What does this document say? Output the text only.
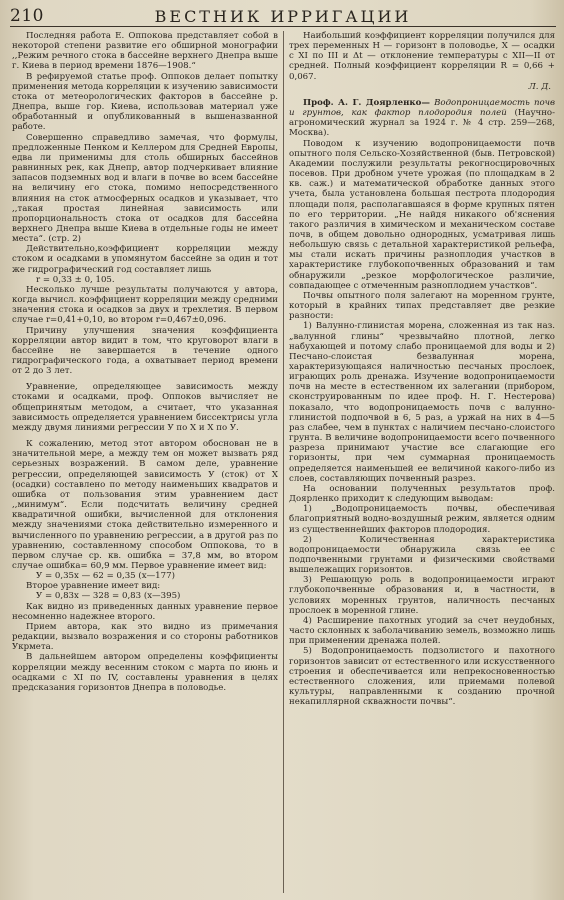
210	ВЕСТНИК ИРРИГАЦИИ

Последняя работа Е. Оппокова представляет собой в некоторой степени развитие его обширной монографии ,,Режим речного стока в бассейне верхнего Днепра выше г. Киева в период времени 1876—1908.“

В рефируемой статье проф. Оппоков делает попытку применения метода корреляции к изучению зависимости стока от метеорологических факторов в бассейне р. Днепра, выше гор. Киева, использовав материал уже обработанный и опубликованный в вышеназванной работе.

Совершенно справедливо замечая, что формулы, предложенные Пенком и Келлером для Средней Европы, едва ли применимы для столь обширных бассейнов равнинных рек, как Днепр, автор подчеркивает влияние запасов подземных вод и влаги в почве во всем бассейне на величину его стока, помимо непосредственного влияния на сток атмосферных осадков и указывает, что ,,такая простая линейная зависимость или пропорциональность стока от осадков для бассейна верхнего Днепра выше Киева в отдельные годы не имеет места“. (стр. 2)

Действительно,коэффициент корреляции между стоком и осадками в упомянутом бассейне за один и тот же гидрографический год составляет лишь

r = 0,33 ± 0, 105.

Несколько лучше результаты получаются у автора, когда вычисл. коэффициент корреляции между средними значения стока и осадков за двух и трехлетия. В первом случае r=0,41+0,10, во втором r=0,467±0,096.

Причину улучшения значения коэффициента корреляции автор видит в том, что круговорот влаги в бассейне не завершается в течение одного гидрографического года, а охватывает период времени от 2 до 3 лет.

Уравнение, определяющее зависимость между стоками и осадками, проф. Оппоков вычисляет не общепринятым методом, а считает, что указанная зависимость определяется уравнением биссектрисы угла между двумя линиями регрессии У по X и X по У.

К сожалению, метод этот автором обоснован не в значительной мере, а между тем он может вызвать ряд серьезных возражений. В самом деле, уравнение регрессии, определяющей зависимость У (сток) от X (осадки) составлено по методу наименьших квадратов и ошибка от пользования этим уравнением даст ,,минимум“. Если подсчитать величину средней квадратичной ошибки, вычисленной для отклонения между значениями стока действительно измеренного и вычисленного по уравнению регрессии, а в другой раз по уравнению, составленному способом Оппокова, то в первом случае ср. кв. ошибка = 37,8 мм, во втором случае ошибка= 60,9 мм. Первое уравнение имеет вид:

У = 0,35x — 62 = 0,35 (x—177)

Второе уравнение имеет вид:

У = 0,83x — 328 = 0,83 (x—395)

Как видно из приведенных данных уравнение первое несомненно надежнее второго.

Прием автора, как это видно из примечания редакции, вызвало возражения и со стороны работников Укрмета.

В дальнейшем автором определены коэффициенты корреляции между весенним стоком с марта по июнь и осадками с XI по IV, составлены уравнения в целях предсказания горизонтов Днепра в половодье.

Наибольший коэффициент корреляции получился для трех переменных H — горизонт в половодье, X — осадки с XI по III и Δt — отклонение температуры с XII—II от средней. Полный коэффициент корреляции R = 0,66 + 0,067.

Л. Д.

Проф. А. Г. Доярленко— Водопроницаемость почв и грунтов, как фактор плодородия полей (Научно-агрономический журнал за 1924 г. № 4 стр. 259—268, Москва).

Поводом к изучению водопроницаемости почв опытного поля Сельско-Хозяйственной (быв. Петровской) Академии послужили результаты рекогносцировочных посевов. При дробном учете урожая (по площадкам в 2 кв. саж.) и математической обработке данных этого учета, была установлена большая пестрота плодородия площади поля, располагавшаяся в форме крупных пятен по его территории. „Не найдя никакого об'яснения такого различия в химическом и механическом составе почв, в общем довольно однородных, усматривая лишь небольшую связь с детальной характеристикой рельефа, мы стали искать причины разноплодия участков в характеристике глубокопочвенных образований и там обнаружили „резкое морфологическое различие, совпадающее с отмеченным разноплодием участков“.

Почвы опытного поля залегают на моренном грунте, который в крайних типах представляет две резкие разности:

1) Валунно-глинистая морена, сложенная из так наз. „валунной глины“ чрезвычайно плотной, легко набухающей и потому слабо проницаемой для воды и 2) Песчано-слоистая безвалунная морена, характеризующаяся наличностью песчаных прослоек, играющих роль дренажа. Изучение водопроницаемости почв на месте в естественном их залегании (прибором, сконструированным по идее проф. Н. Г. Нестерова) показало, что водопроницаемость почв с валунно-глинистой подпочвой в 6, 5 раз, а уржай на них в 4—5 раз слабее, чем в пунктах с наличием песчано-слоистого грунта. В величине водопроницаемости всего почвенного разреза принимают участие все слагающие его горизонты, при чем суммарная проницаемость определяется наименьшей ее величиной какого-либо из слоев, составляющих почвенный разрез.

На основании полученных результатов проф. Доярленко приходит к следующим выводам:

1) „Водопроницаемость почвы, обеспечивая благоприятный водно-воздушный режим, является одним из существеннейших факторов плодородия.

2) Количественная характеристика водопроницаемости обнаружила связь ее с подпочвенными грунтами и физическими свойствами вышележащих горизонтов.

3) Решающую роль в водопроницаемости играют глубокопочвенные образования и, в частности, в условиях моренных грунтов, наличность песчаных прослоек в моренной глине.

4) Расширение пахотных угодий за счет неудобных, часто склонных к заболачиванию земель, возможно лишь при применении дренажа полей.

5) Водопроницаемость подзолистого и пахотного горизонтов зависит от естественного или искусственного строения и обеспечивается или непрекосновенностью естественного сложения, или приемами полевой культуры, направленными к созданию прочной некапиллярной скважности почвы“.
